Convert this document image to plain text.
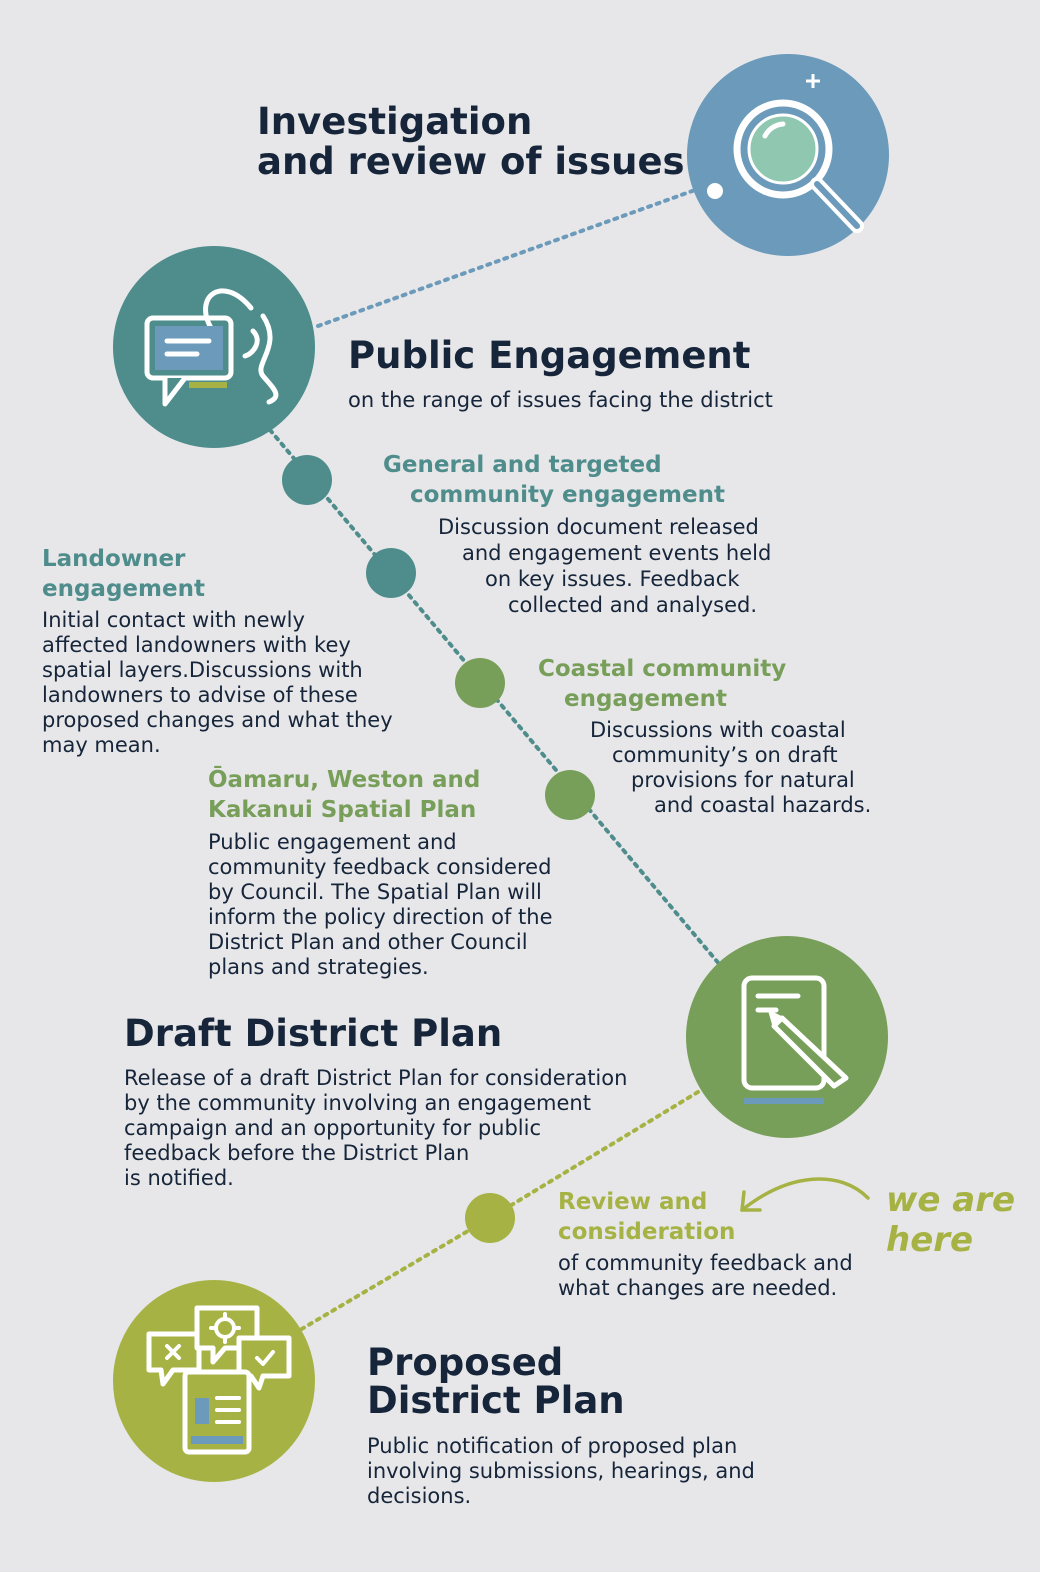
Investigation
and review of issues
Public Engagement
on the range of issues facing the district
General and targeted
community engagement
Discussion document released
and engagement events held
on key issues. Feedback
collected and analysed.
Landowner
engagement
Initial contact with newly
affected landowners with key
spatial layers.Discussions with
landowners to advise of these
proposed changes and what they
may mean.
Coastal community
engagement
Discussions with coastal
community’s on draft
provisions for natural
and coastal hazards.
Ōamaru, Weston and
Kakanui Spatial Plan
Public engagement and
community feedback considered
by Council. The Spatial Plan will
inform the policy direction of the
District Plan and other Council
plans and strategies.
Draft District Plan
Release of a draft District Plan for consideration
by the community involving an engagement
campaign and an opportunity for public
feedback before the District Plan
is notified.
Review and
consideration
of community feedback and
what changes are needed.
we are
here
Proposed
District Plan
Public notification of proposed plan
involving submissions, hearings, and
decisions.
